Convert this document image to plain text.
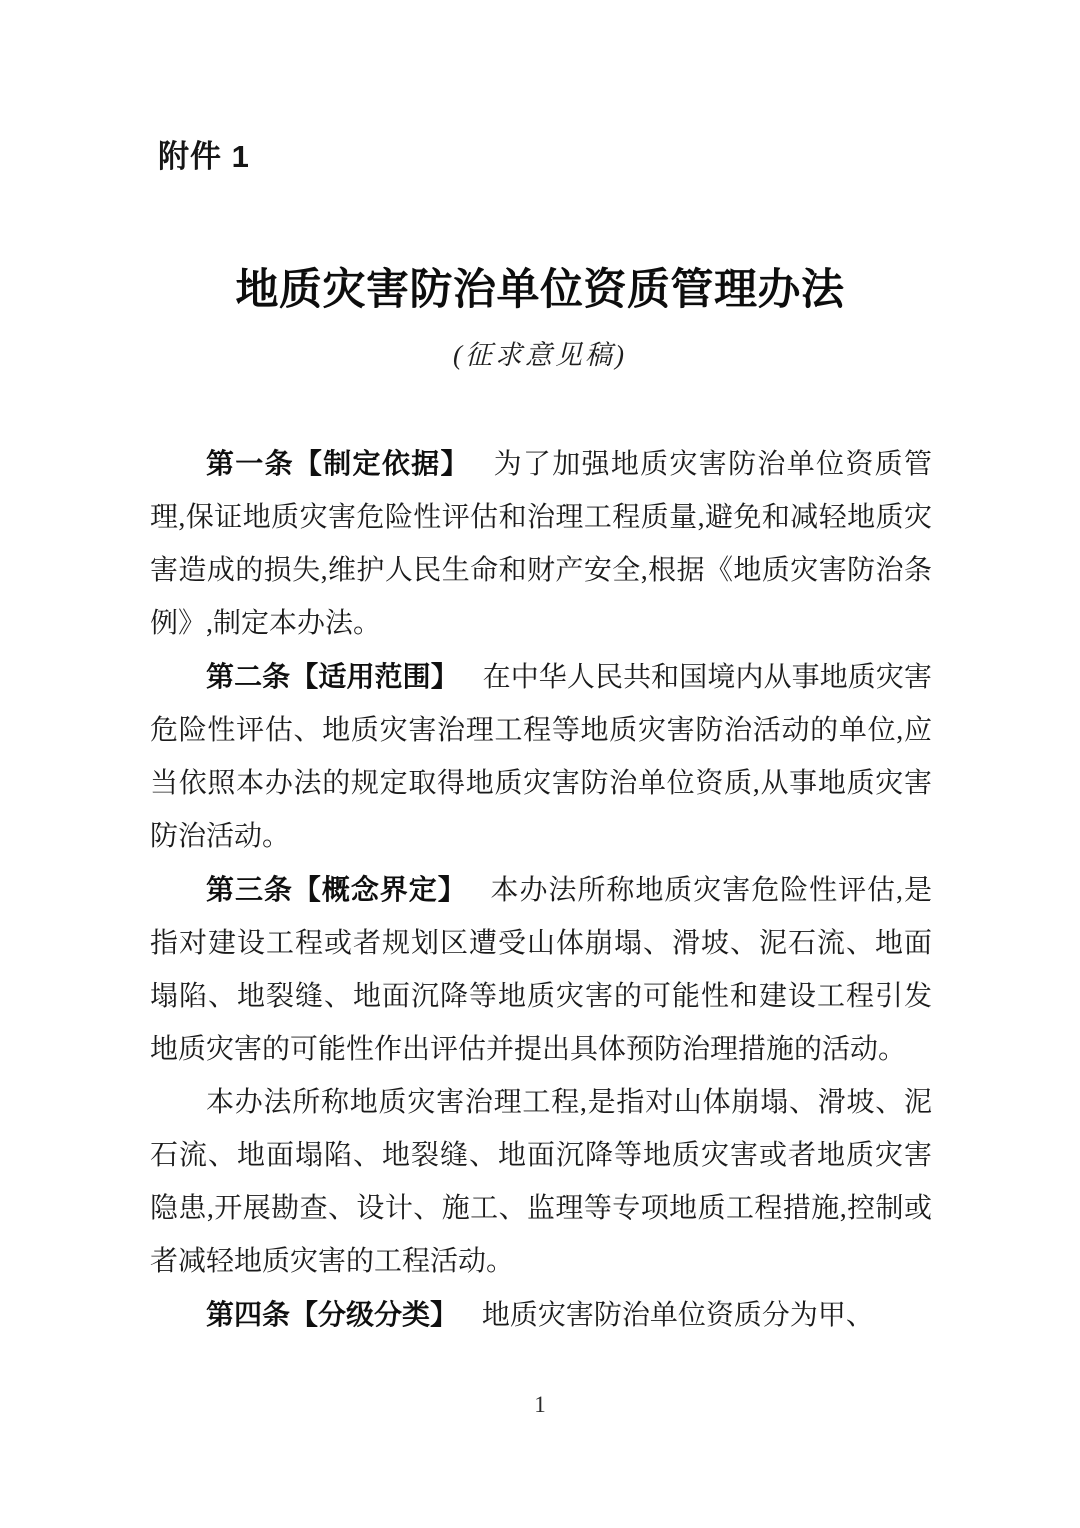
附件 1
地质灾害防治单位资质管理办法
(征求意见稿)

第一条【制定依据】 为了加强地质灾害防治单位资质管理,保证地质灾害危险性评估和治理工程质量,避免和减轻地质灾害造成的损失,维护人民生命和财产安全,根据《地质灾害防治条例》,制定本办法。

第二条【适用范围】 在中华人民共和国境内从事地质灾害危险性评估、地质灾害治理工程等地质灾害防治活动的单位,应当依照本办法的规定取得地质灾害防治单位资质,从事地质灾害防治活动。

第三条【概念界定】 本办法所称地质灾害危险性评估,是指对建设工程或者规划区遭受山体崩塌、滑坡、泥石流、地面塌陷、地裂缝、地面沉降等地质灾害的可能性和建设工程引发地质灾害的可能性作出评估并提出具体预防治理措施的活动。

本办法所称地质灾害治理工程,是指对山体崩塌、滑坡、泥石流、地面塌陷、地裂缝、地面沉降等地质灾害或者地质灾害隐患,开展勘查、设计、施工、监理等专项地质工程措施,控制或者减轻地质灾害的工程活动。

第四条【分级分类】 地质灾害防治单位资质分为甲、

1
